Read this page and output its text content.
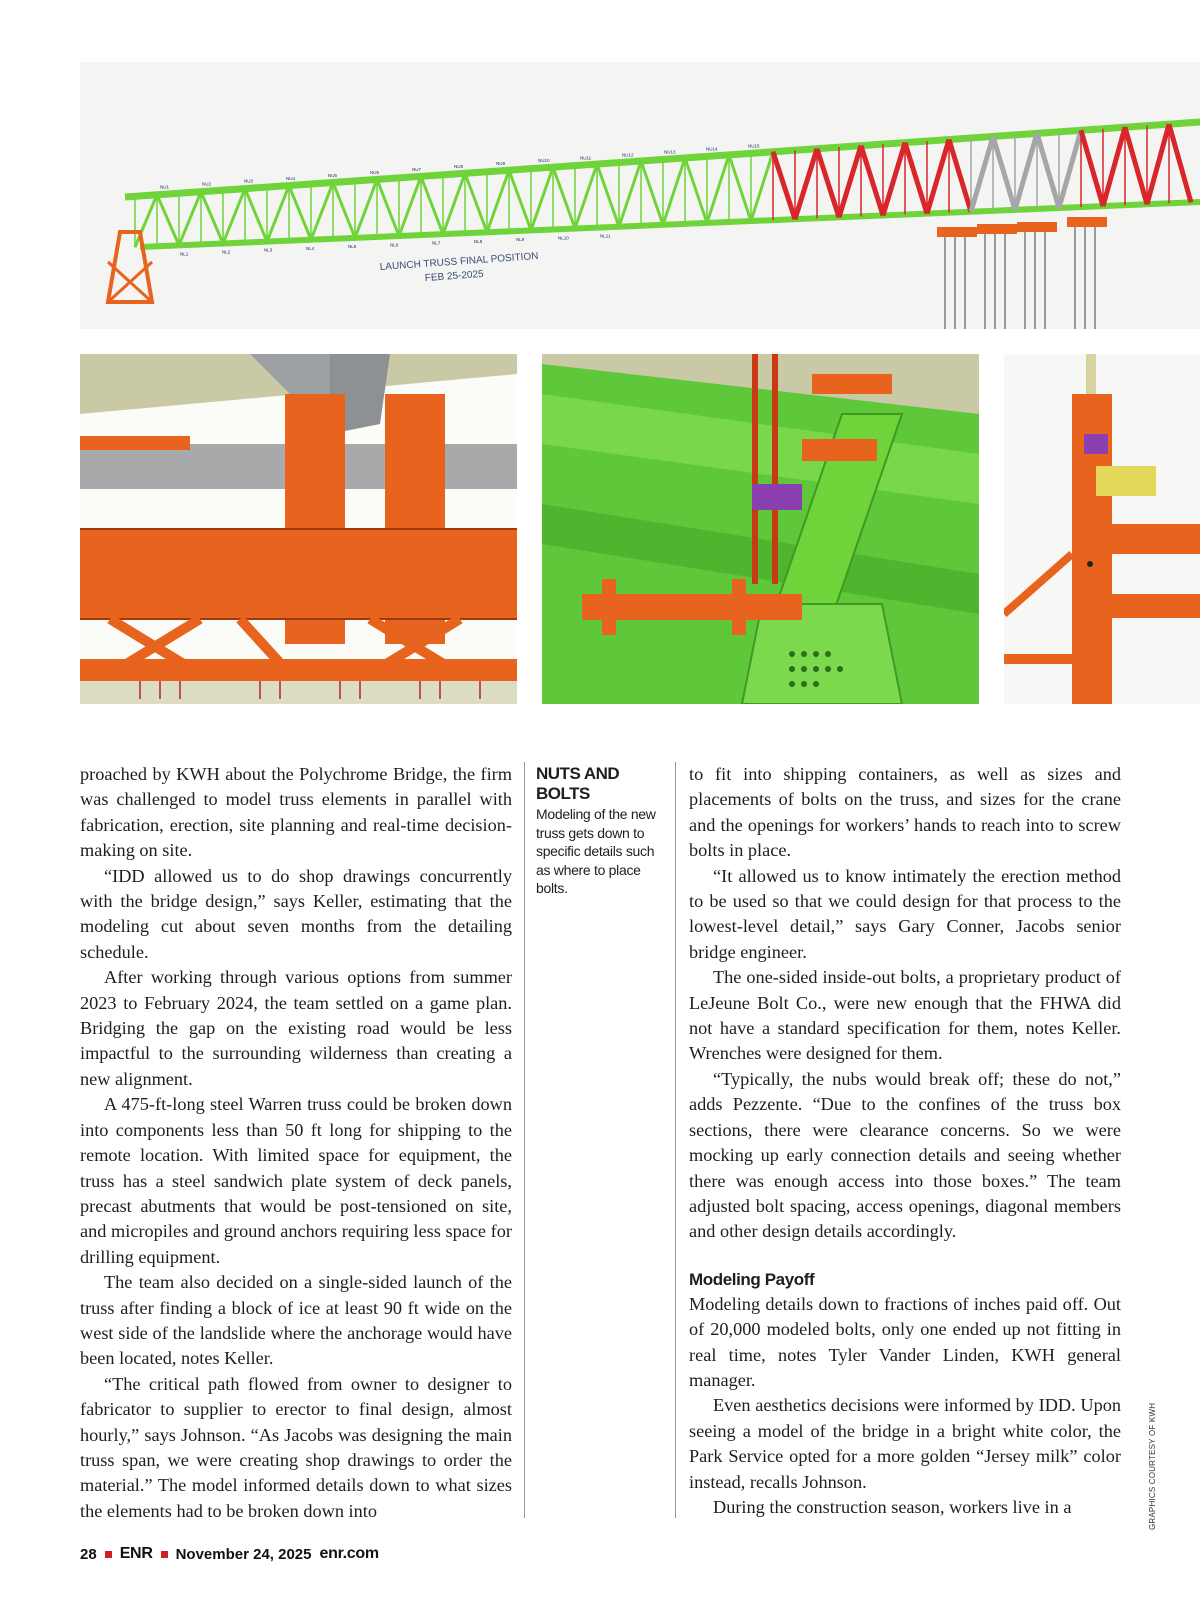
NU1
NU2
NU3
NU4
NU5
NU6
NU7
NU8
NU9
NU10
NU11
NU12
NU13
NU14
NU15
NL1	NL2	NL3	NL4	NL5	NL6	NL7	NL8	NL9	NL10	NL11
LAUNCH TRUSS FINAL POSITION
FEB 25-2025

proached by KWH about the Polychrome Bridge, the firm was challenged to model truss elements in parallel with fabrication, erection, site planning and real-time decision-making on site.

“IDD allowed us to do shop drawings concurrently with the bridge design,” says Keller, estimating that the modeling cut about seven months from the detailing schedule.

After working through various options from summer 2023 to February 2024, the team settled on a game plan. Bridging the gap on the existing road would be less impactful to the surrounding wilderness than creating a new alignment.

A 475-ft-long steel Warren truss could be broken down into components less than 50 ft long for shipping to the remote location. With limited space for equipment, the truss has a steel sandwich plate system of deck panels, precast abutments that would be post-tensioned on site, and micropiles and ground anchors requiring less space for drilling equipment.

The team also decided on a single-sided launch of the truss after finding a block of ice at least 90 ft wide on the west side of the landslide where the anchorage would have been located, notes Keller.

“The critical path flowed from owner to designer to fabricator to supplier to erector to final design, almost hourly,” says Johnson. “As Jacobs was designing the main truss span, we were creating shop drawings to order the material.” The model informed details down to what sizes the elements had to be broken down into

NUTS AND BOLTS
Modeling of the new truss gets down to specific details such as where to place bolts.

to fit into shipping containers, as well as sizes and placements of bolts on the truss, and sizes for the crane and the openings for workers’ hands to reach into to screw bolts in place.

“It allowed us to know intimately the erection method to be used so that we could design for that process to the lowest-level detail,” says Gary Conner, Jacobs senior bridge engineer.

The one-sided inside-out bolts, a proprietary product of LeJeune Bolt Co., were new enough that the FHWA did not have a standard specification for them, notes Keller. Wrenches were designed for them.

“Typically, the nubs would break off; these do not,” adds Pezzente. “Due to the confines of the truss box sections, there were clearance concerns. So we were mocking up early connection details and seeing whether there was enough access into those boxes.” The team adjusted bolt spacing, access openings, diagonal members and other design details accordingly.

Modeling Payoff

Modeling details down to fractions of inches paid off. Out of 20,000 modeled bolts, only one ended up not fitting in real time, notes Tyler Vander Linden, KWH general manager.

Even aesthetics decisions were informed by IDD. Upon seeing a model of the bridge in a bright white color, the Park Service opted for a more golden “Jersey milk” color instead, recalls Johnson.

During the construction season, workers live in a	GRAPHICS COURTESY OF KWH
28 ENR November 24, 2025 enr.com
